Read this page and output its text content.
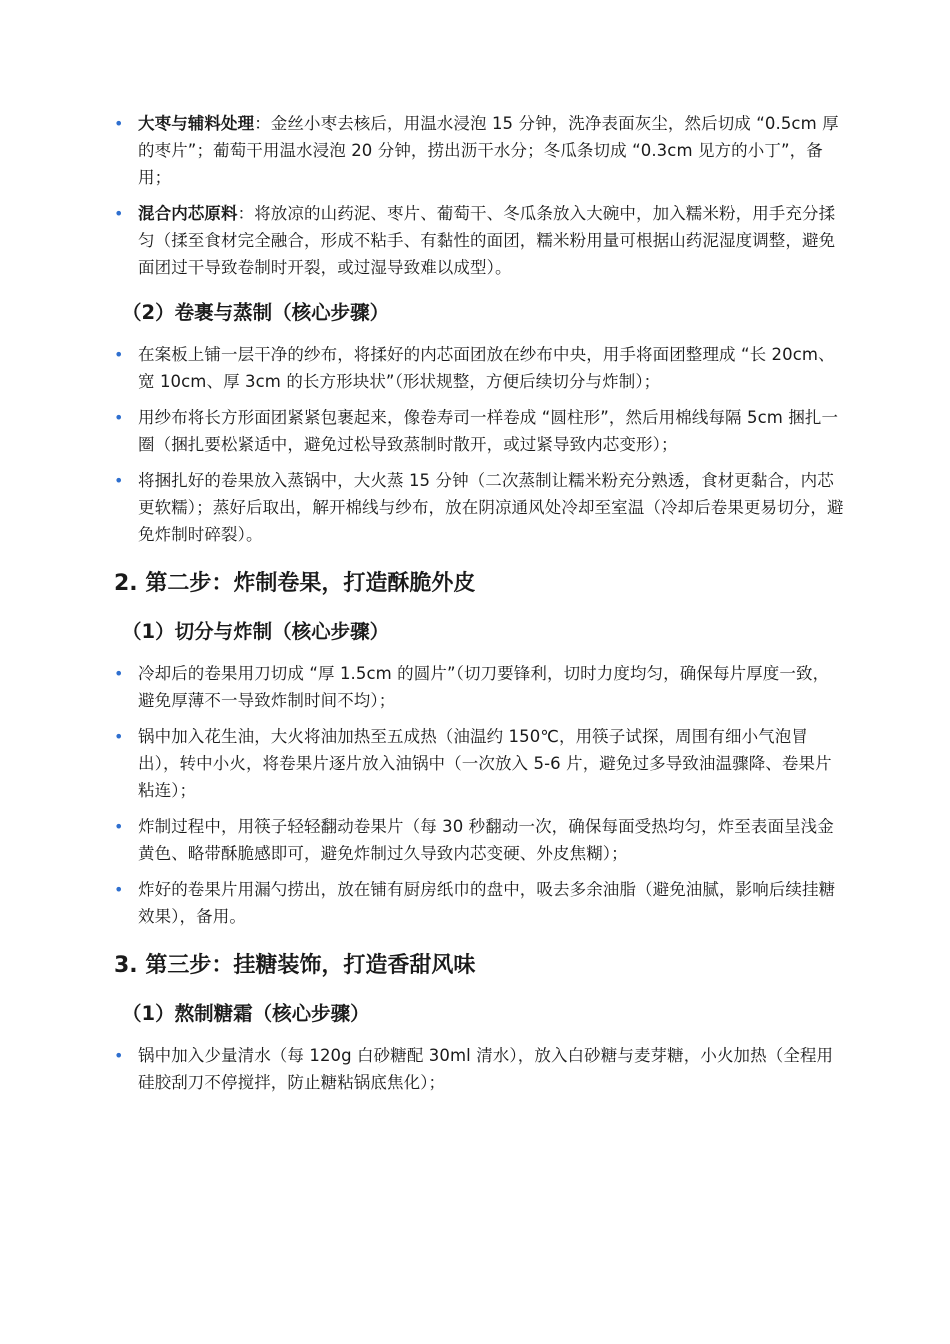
• 大枣与辅料处理：金丝小枣去核后，用温水浸泡 15 分钟，洗净表面灰尘，然后切成 “0.5cm 厚的枣片”；葡萄干用温水浸泡 20 分钟，捞出沥干水分；冬瓜条切成 “0.3cm 见方的小丁”，备用；
• 混合内芯原料：将放凉的山药泥、枣片、葡萄干、冬瓜条放入大碗中，加入糯米粉，用手充分揉匀（揉至食材完全融合，形成不粘手、有黏性的面团，糯米粉用量可根据山药泥湿度调整，避免面团过干导致卷制时开裂，或过湿导致难以成型）。
（2）卷裹与蒸制（核心步骤）
• 在案板上铺一层干净的纱布，将揉好的内芯面团放在纱布中央，用手将面团整理成 “长 20cm、宽 10cm、厚 3cm 的长方形块状”（形状规整，方便后续切分与炸制）；
• 用纱布将长方形面团紧紧包裹起来，像卷寿司一样卷成 “圆柱形”，然后用棉线每隔 5cm 捆扎一圈（捆扎要松紧适中，避免过松导致蒸制时散开，或过紧导致内芯变形）；
• 将捆扎好的卷果放入蒸锅中，大火蒸 15 分钟（二次蒸制让糯米粉充分熟透，食材更黏合，内芯更软糯）；蒸好后取出，解开棉线与纱布，放在阴凉通风处冷却至室温（冷却后卷果更易切分，避免炸制时碎裂）。
2. 第二步：炸制卷果，打造酥脆外皮
（1）切分与炸制（核心步骤）
• 冷却后的卷果用刀切成 “厚 1.5cm 的圆片”（切刀要锋利，切时力度均匀，确保每片厚度一致，避免厚薄不一导致炸制时间不均）；
• 锅中加入花生油，大火将油加热至五成热（油温约 150℃，用筷子试探，周围有细小气泡冒出），转中小火，将卷果片逐片放入油锅中（一次放入 5-6 片，避免过多导致油温骤降、卷果片粘连）；
• 炸制过程中，用筷子轻轻翻动卷果片（每 30 秒翻动一次，确保每面受热均匀，炸至表面呈浅金黄色、略带酥脆感即可，避免炸制过久导致内芯变硬、外皮焦糊）；
• 炸好的卷果片用漏勺捞出，放在铺有厨房纸巾的盘中，吸去多余油脂（避免油腻，影响后续挂糖效果），备用。
3. 第三步：挂糖装饰，打造香甜风味
（1）熬制糖霜（核心步骤）
• 锅中加入少量清水（每 120g 白砂糖配 30ml 清水），放入白砂糖与麦芽糖，小火加热（全程用硅胶刮刀不停搅拌，防止糖粘锅底焦化）；
